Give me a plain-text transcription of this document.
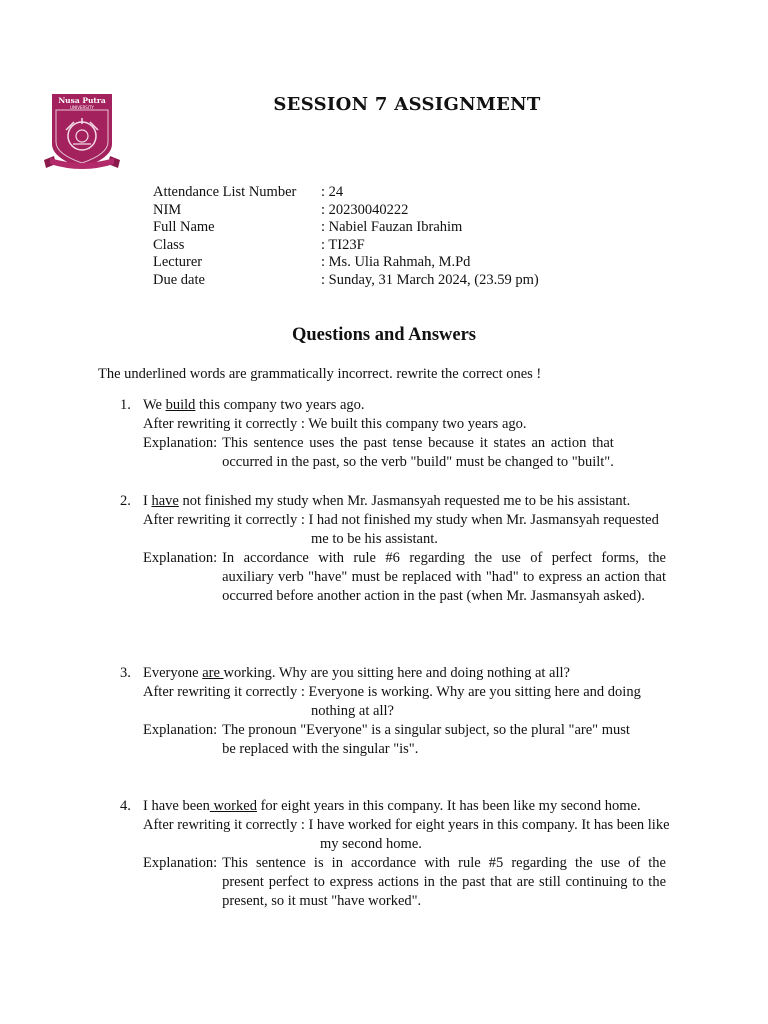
Nusa Putra
UNIVERSITY	SESSION 7 ASSIGNMENT
Attendance List Number	: 24
NIM	: 20230040222
Full Name	: Nabiel Fauzan Ibrahim
Class	: TI23F
Lecturer	: Ms. Ulia Rahmah, M.Pd
Due date	: Sunday, 31 March 2024, (23.59 pm)
Questions and Answers
The underlined words are grammatically incorrect. rewrite the correct ones !
1. We build this company two years ago.
After rewriting it correctly : We built this company two years ago.
Explanation: This sentence uses the past tense because it states an action that
occurred in the past, so the verb "build" must be changed to "built".
2. I have not finished my study when Mr. Jasmansyah requested me to be his assistant.
After rewriting it correctly : I had not finished my study when Mr. Jasmansyah requested
me to be his assistant.
Explanation: In accordance with rule #6 regarding the use of perfect forms, the
auxiliary verb "have" must be replaced with "had" to express an action that occurred before another action in the past (when Mr. Jasmansyah asked).
3. Everyone are working. Why are you sitting here and doing nothing at all?
After rewriting it correctly : Everyone is working. Why are you sitting here and doing
nothing at all?
Explanation: The pronoun "Everyone" is a singular subject, so the plural "are" must
be replaced with the singular "is".
4. I have been worked for eight years in this company. It has been like my second home.
After rewriting it correctly : I have worked for eight years in this company. It has been like
my second home.
Explanation: This sentence is in accordance with rule #5 regarding the use of the
present perfect to express actions in the past that are still continuing to the present, so it must "have worked".
